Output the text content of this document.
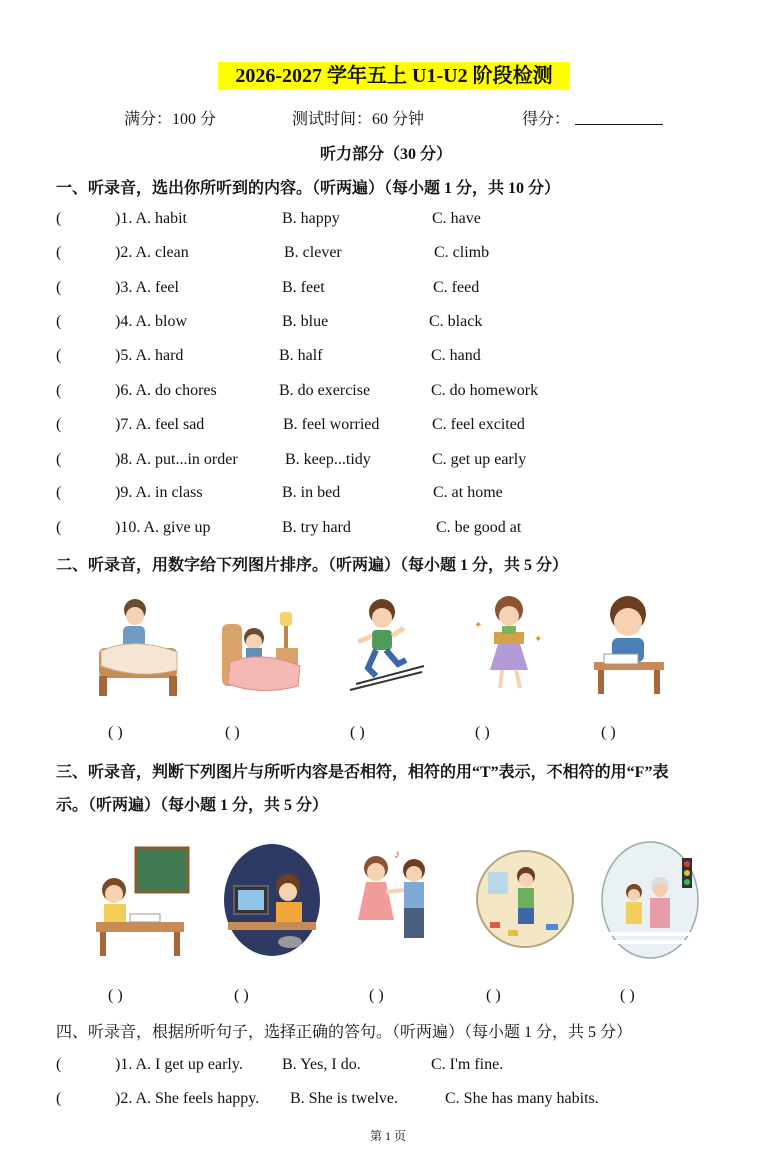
2026-2027 学年五上 U1-U2 阶段检测
满分：100 分	测试时间：60 分钟	得分：
听力部分（30 分）
一、听录音，选出你所听到的内容。（听两遍）（每小题 1 分，共 10 分）
(	)1. A. habit	B. happy	C. have
(	)2. A. clean	B. clever	C. climb
(	)3. A. feel	B. feet	C. feed
(	)4. A. blow	B. blue	C. black
(	)5. A. hard	B. half	C. hand
(	)6. A. do chores	B. do exercise	C. do homework
(	)7. A. feel sad	B. feel worried	C. feel excited
(	)8. A. put...in order	B. keep...tidy	C. get up early
(	)9. A. in class	B. in bed	C. at home
(	)10. A. give up	B. try hard	C. be good at
二、听录音，用数字给下列图片排序。（听两遍）（每小题 1 分，共 5 分）
✦
✦
( )	( )	( )	( )	( )
三、听录音，判断下列图片与所听内容是否相符，相符的用“T”表示，不相符的用“F”表
示。（听两遍）（每小题 1 分，共 5 分）
♪
( )	( )	( )	( )	( )
四、听录音，根据所听句子，选择正确的答句。（听两遍）（每小题 1 分，共 5 分）
(	)1. A. I get up early. B. Yes, I do.	C. I'm fine.
(	)2. A. She feels happy. B. She is twelve.	C. She has many habits.
第 1 页
